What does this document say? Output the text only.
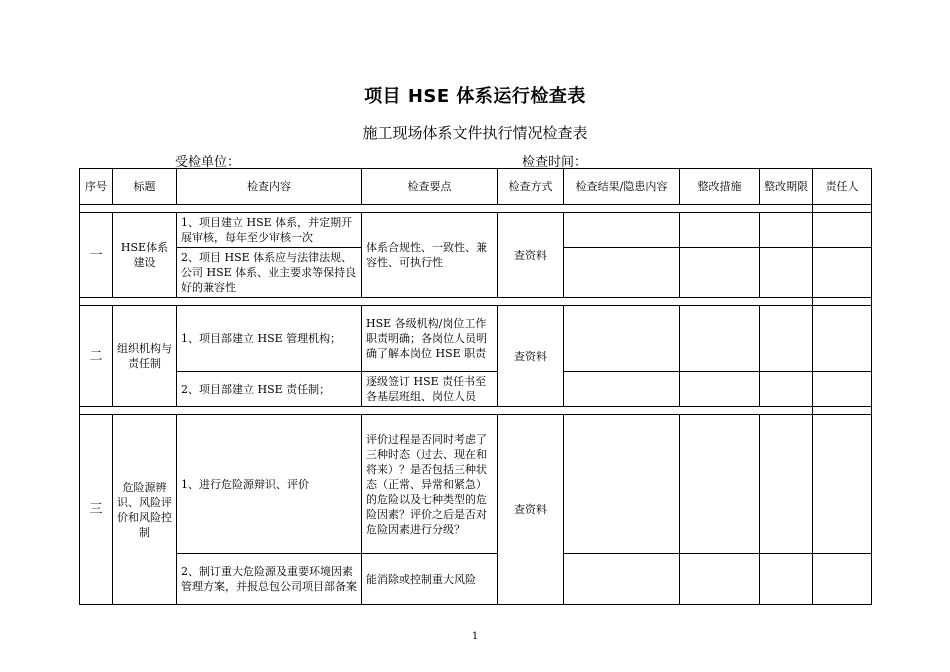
项目 HSE 体系运行检查表
施工现场体系文件执行情况检查表
受检单位：	检查时间：
序号	标题	检查内容	检查要点	检查方式	检查结果/隐患内容	整改措施	整改期限	责任人

一	HSE体系建设	1、项目建立 HSE 体系，并定期开展审核，每年至少审核一次	体系合规性、一致性、兼容性、可执行性	查资料				
		2、项目 HSE 体系应与法律法规、公司 HSE 体系、业主要求等保持良好的兼容性						

二	组织机构与责任制	1、项目部建立 HSE 管理机构；	HSE 各级机构/岗位工作职责明确；各岗位人员明确了解本岗位 HSE 职责	查资料				
		2、项目部建立 HSE 责任制；	逐级签订 HSE 责任书至各基层班组、岗位人员					

三	危险源辨识、风险评价和风险控制	1、进行危险源辩识、评价	评价过程是否同时考虑了三种时态（过去、现在和将来）？是否包括三种状态（正常、异常和紧急）的危险以及七种类型的危险因素？评价之后是否对危险因素进行分级？	查资料				
		2、制订重大危险源及重要环境因素管理方案，并报总包公司项目部备案	能消除或控制重大风险					
1
